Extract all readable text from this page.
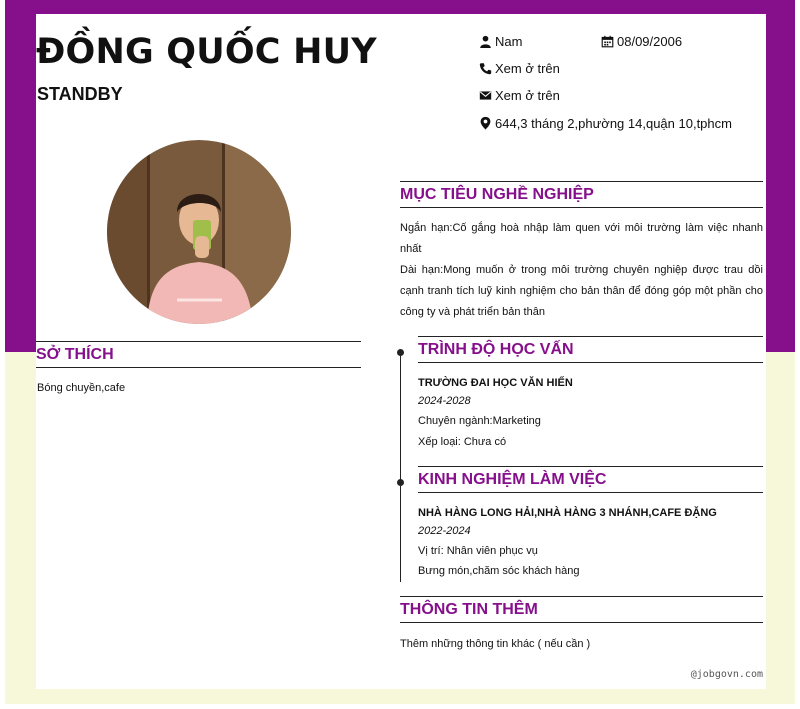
ĐỒNG QUỐC HUY
STANDBY
Nam	08/09/2006
Xem ở trên
Xem ở trên
644,3 tháng 2,phường 14,quận 10,tphcm
SỞ THÍCH
Bóng chuyền,cafe
MỤC TIÊU NGHỀ NGHIỆP
Ngắn hạn:Cố gắng hoà nhập làm quen với môi trường làm việc nhanh nhất
Dài hạn:Mong muốn ở trong môi trường chuyên nghiệp được trau dồi cạnh tranh tích luỹ kinh nghiệm cho bản thân để đóng góp một phần cho công ty và phát triển bản thân
TRÌNH ĐỘ HỌC VẤN
TRƯỜNG ĐAI HỌC VĂN HIẾN
2024-2028
Chuyên ngành:Marketing
Xếp loại: Chưa có
KINH NGHIỆM LÀM VIỆC
NHÀ HÀNG LONG HẢI,NHÀ HÀNG 3 NHÁNH,CAFE ĐẶNG
2022-2024
Vị trí: Nhân viên phục vụ
Bưng món,chăm sóc khách hàng
THÔNG TIN THÊM
Thêm những thông tin khác ( nếu cần )
@jobgovn.com
